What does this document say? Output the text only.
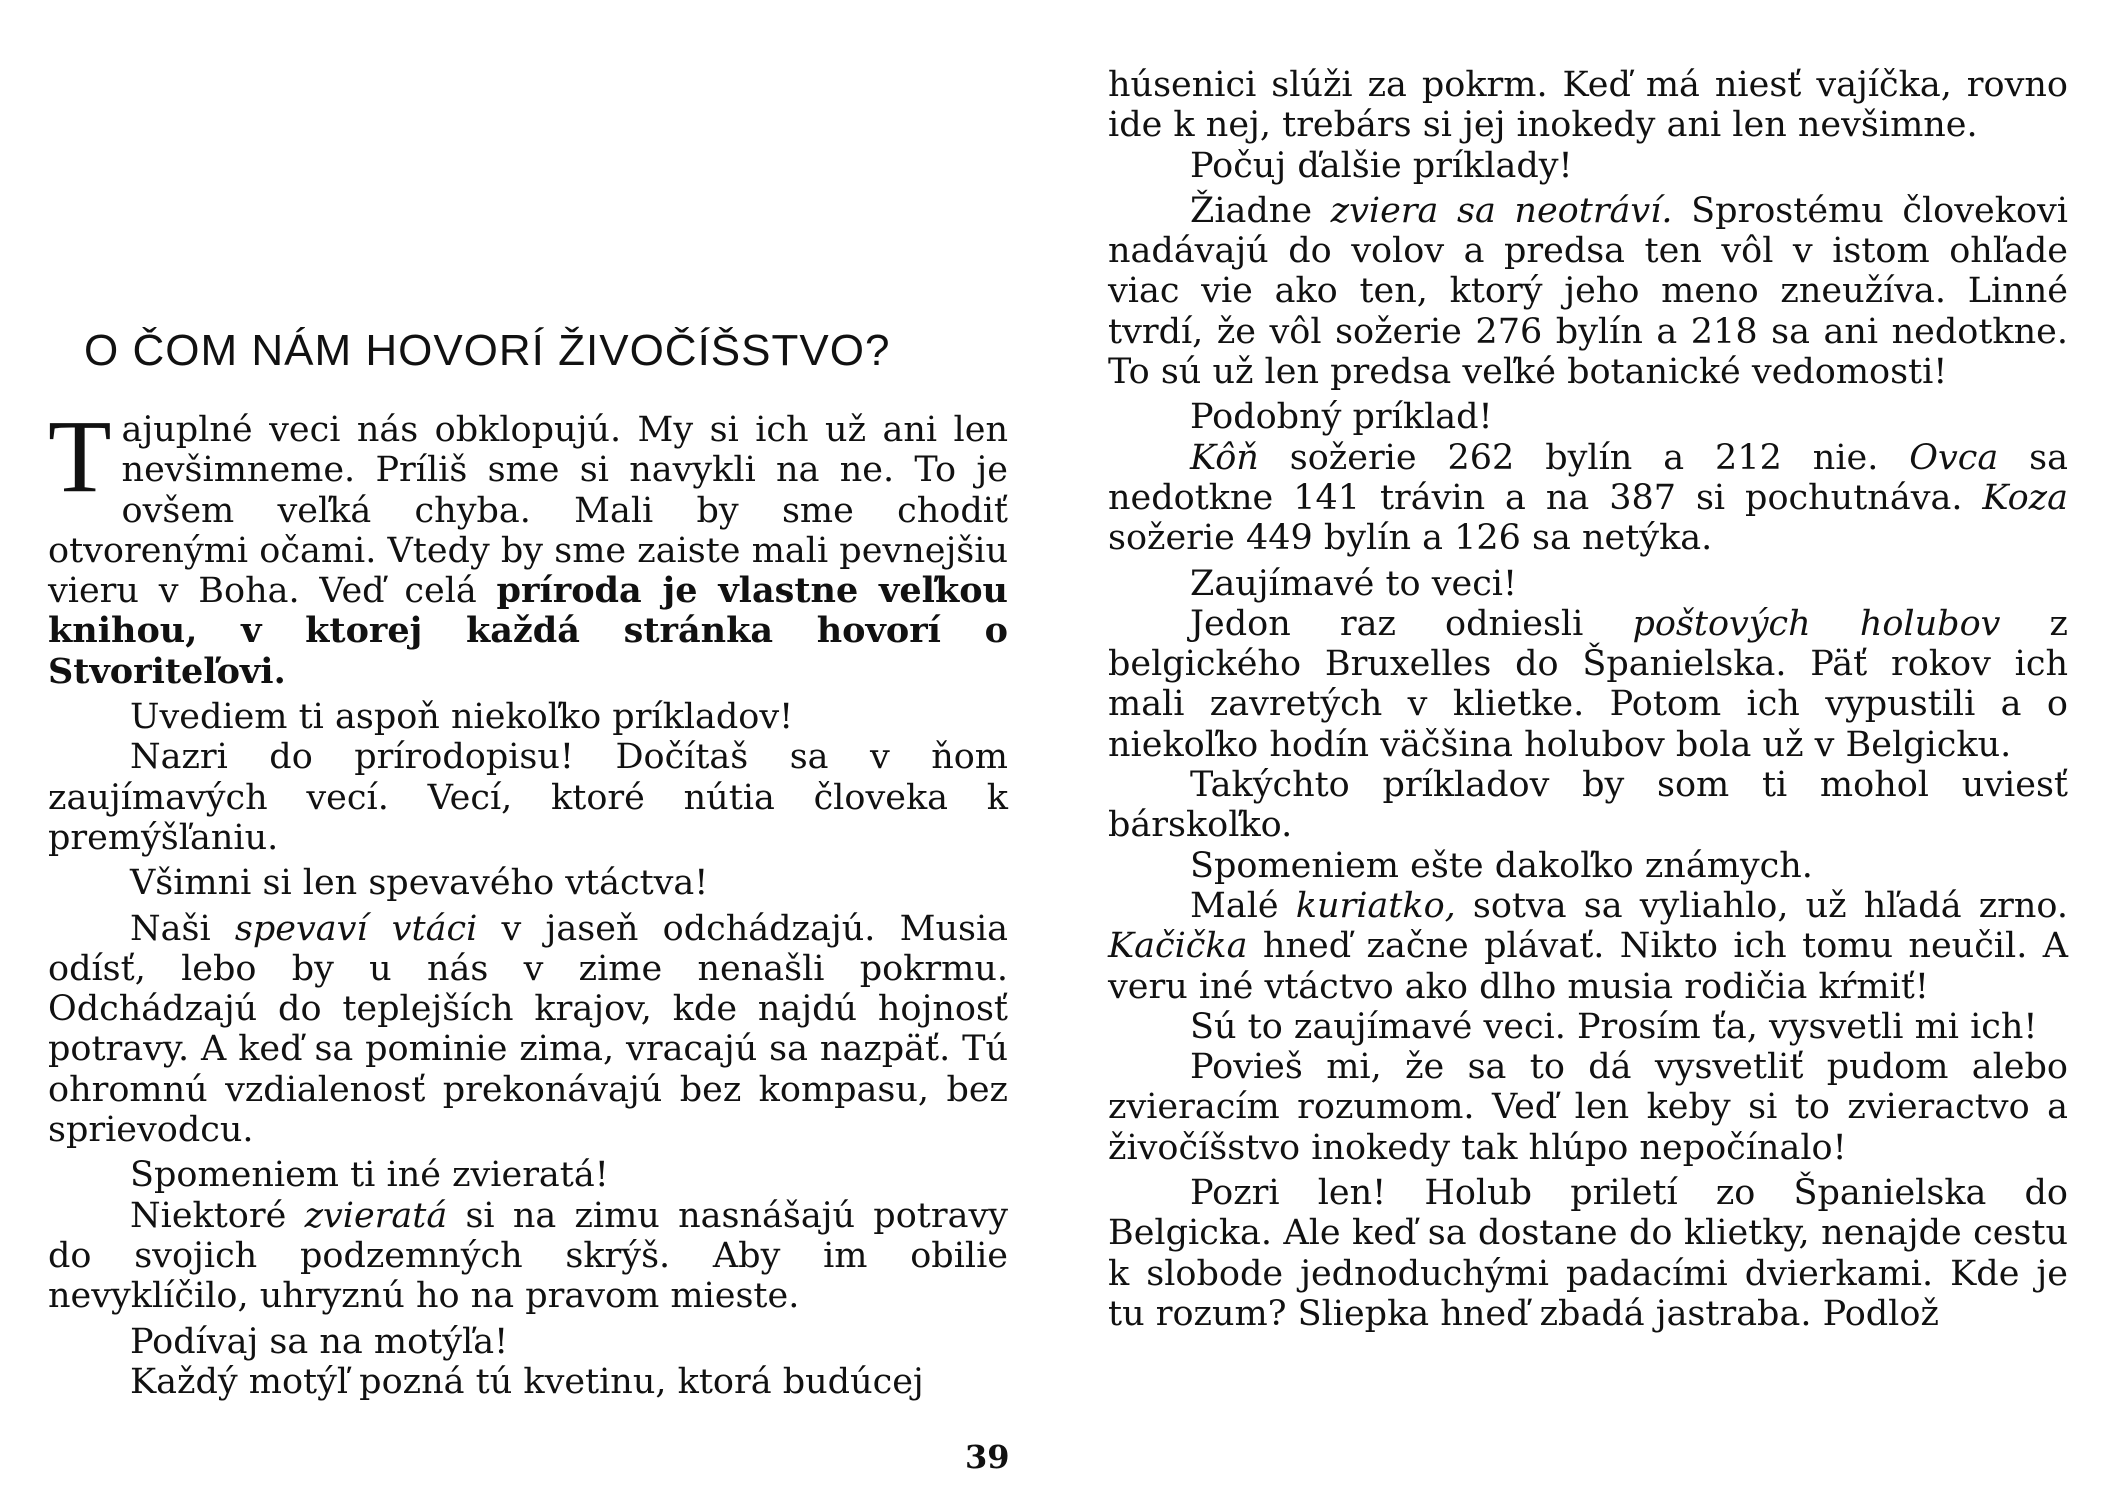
O ČOM NÁM HOVORÍ ŽIVOČÍŠSTVO?

Tajuplné veci nás obklopujú. My si ich už ani len nevšimneme. Príliš sme si navykli na ne. To je ovšem veľká chyba. Mali by sme chodiť otvorenými očami. Vtedy by sme zaiste mali pevnejšiu vieru v Boha. Veď celá príroda je vlastne veľkou knihou, v ktorej každá stránka hovorí o Stvoriteľovi.

Uvediem ti aspoň niekoľko príkladov!

Nazri do prírodopisu! Dočítaš sa v ňom zaujímavých vecí. Vecí, ktoré nútia človeka k premýšľaniu.

Všimni si len spevavého vtáctva!

Naši spevaví vtáci v jaseň odchádzajú. Musia odísť, lebo by u nás v zime nenašli pokrmu. Odchádzajú do teplejších krajov, kde najdú hojnosť potravy. A keď sa pominie zima, vracajú sa nazpäť. Tú ohromnú vzdialenosť prekonávajú bez kompasu, bez sprievodcu.

Spomeniem ti iné zvieratá!

Niektoré zvieratá si na zimu nasnášajú potravy do svojich podzemných skrýš. Aby im obilie nevyklíčilo, uhryznú ho na pravom mieste.

Podívaj sa na motýľa!

Každý motýľ pozná tú kvetinu, ktorá budúcej

39

húsenici slúži za pokrm. Keď má niesť vajíčka, rovno ide k nej, trebárs si jej inokedy ani len nevšimne.

Počuj ďalšie príklady!

Žiadne zviera sa neotráví. Sprostému človekovi nadávajú do volov a predsa ten vôl v istom ohľade viac vie ako ten, ktorý jeho meno zneužíva. Linné tvrdí, že vôl sožerie 276 bylín a 218 sa ani nedotkne. To sú už len predsa veľké botanické vedomosti!

Podobný príklad!

Kôň sožerie 262 bylín a 212 nie. Ovca sa nedotkne 141 trávin a na 387 si pochutnáva. Koza sožerie 449 bylín a 126 sa netýka.

Zaujímavé to veci!

Jedon raz odniesli poštových holubov z belgického Bruxelles do Španielska. Päť rokov ich mali zavretých v klietke. Potom ich vypustili a o niekoľko hodín väčšina holubov bola už v Belgicku.

Takýchto príkladov by som ti mohol uviesť bárskoľko.

Spomeniem ešte dakoľko známych.

Malé kuriatko, sotva sa vyliahlo, už hľadá zrno. Kačička hneď začne plávať. Nikto ich tomu neučil. A veru iné vtáctvo ako dlho musia rodičia kŕmiť!

Sú to zaujímavé veci. Prosím ťa, vysvetli mi ich!

Povieš mi, že sa to dá vysvetliť pudom alebo zvieracím rozumom. Veď len keby si to zvieractvo a živočíšstvo inokedy tak hlúpo nepočínalo!

Pozri len! Holub priletí zo Španielska do Belgicka. Ale keď sa dostane do klietky, nenajde cestu k slobode jednoduchými padacími dvierkami. Kde je tu rozum? Sliepka hneď zbadá jastraba. Podlož
